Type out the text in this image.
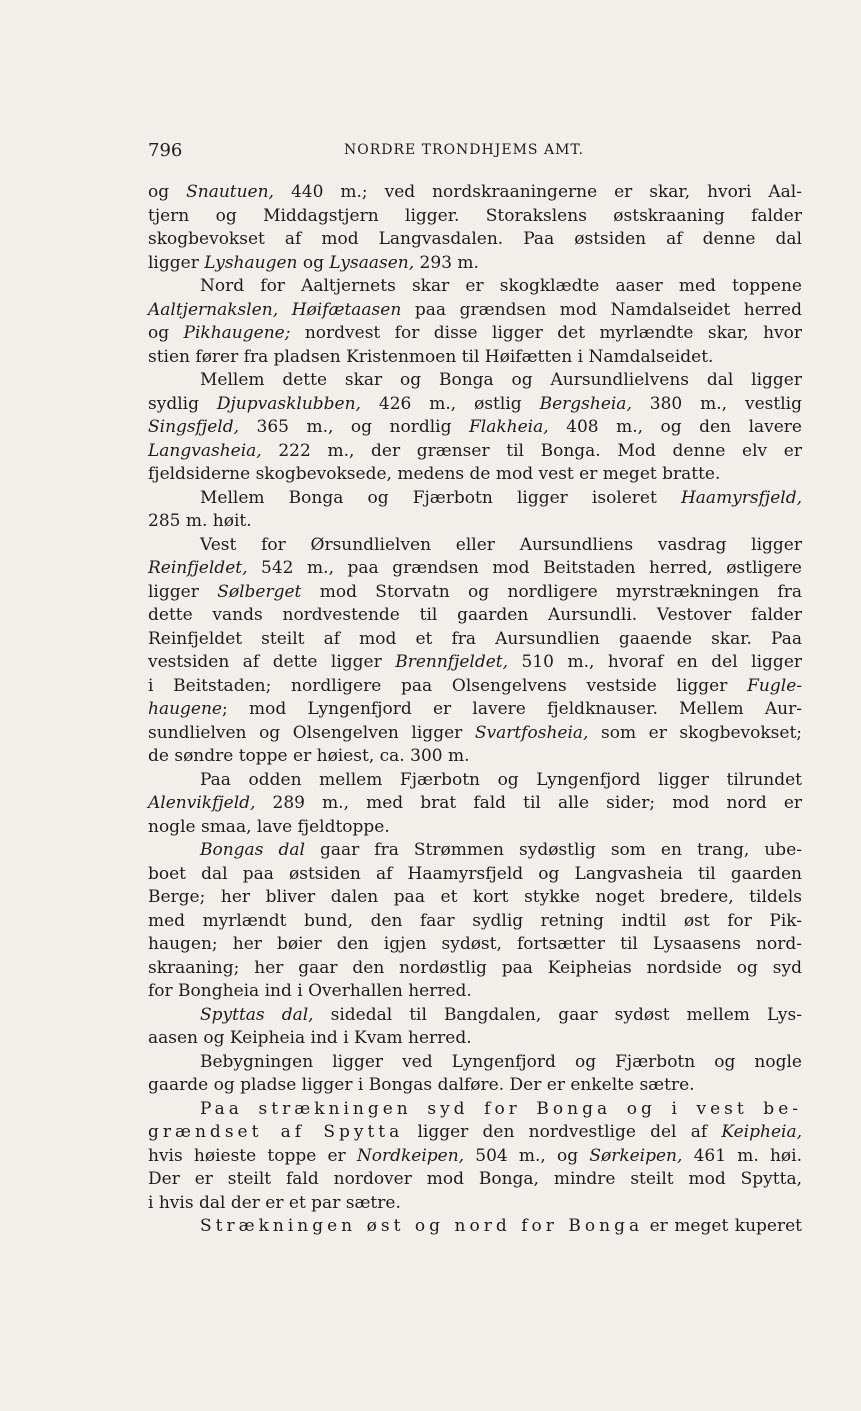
796	NORDRE TRONDHJEMS AMT.
og Snautuen, 440 m.; ved nordskraaningerne er skar, hvori Aal-
tjern og Middagstjern ligger. Storakslens østskraaning falder
skogbevokset af mod Langvasdalen. Paa østsiden af denne dal
ligger Lyshaugen og Lysaasen, 293 m.
Nord for Aaltjernets skar er skogklædte aaser med toppene
Aaltjernakslen, Høifætaasen paa grændsen mod Namdalseidet herred
og Pikhaugene; nordvest for disse ligger det myrlændte skar, hvor
stien fører fra pladsen Kristenmoen til Høifætten i Namdalseidet.
Mellem dette skar og Bonga og Aursundlielvens dal ligger
sydlig Djupvasklubben, 426 m., østlig Bergsheia, 380 m., vestlig
Singsfjeld, 365 m., og nordlig Flakheia, 408 m., og den lavere
Langvasheia, 222 m., der grænser til Bonga. Mod denne elv er
fjeldsiderne skogbevoksede, medens de mod vest er meget bratte.
Mellem Bonga og Fjærbotn ligger isoleret Haamyrsfjeld,
285 m. høit.
Vest for Ørsundlielven eller Aursundliens vasdrag ligger
Reinfjeldet, 542 m., paa grændsen mod Beitstaden herred, østligere
ligger Sølberget mod Storvatn og nordligere myrstrækningen fra
dette vands nordvestende til gaarden Aursundli. Vestover falder
Reinfjeldet steilt af mod et fra Aursundlien gaaende skar. Paa
vestsiden af dette ligger Brennfjeldet, 510 m., hvoraf en del ligger
i Beitstaden; nordligere paa Olsengelvens vestside ligger Fugle-
haugene; mod Lyngenfjord er lavere fjeldknauser. Mellem Aur-
sundlielven og Olsengelven ligger Svartfosheia, som er skogbevokset;
de søndre toppe er høiest, ca. 300 m.
Paa odden mellem Fjærbotn og Lyngenfjord ligger tilrundet
Alenvikfjeld, 289 m., med brat fald til alle sider; mod nord er
nogle smaa, lave fjeldtoppe.
Bongas dal gaar fra Strømmen sydøstlig som en trang, ube-
boet dal paa østsiden af Haamyrsfjeld og Langvasheia til gaarden
Berge; her bliver dalen paa et kort stykke noget bredere, tildels
med myrlændt bund, den faar sydlig retning indtil øst for Pik-
haugen; her bøier den igjen sydøst, fortsætter til Lysaasens nord-
skraaning; her gaar den nordøstlig paa Keipheias nordside og syd
for Bongheia ind i Overhallen herred.
Spyttas dal, sidedal til Bangdalen, gaar sydøst mellem Lys-
aasen og Keipheia ind i Kvam herred.
Bebygningen ligger ved Lyngenfjord og Fjærbotn og nogle
gaarde og pladse ligger i Bongas dalføre. Der er enkelte sætre.
Paa strækningen syd for Bonga og i vest be-
grændset af Spytta ligger den nordvestlige del af Keipheia,
hvis høieste toppe er Nordkeipen, 504 m., og Sørkeipen, 461 m. høi.
Der er steilt fald nordover mod Bonga, mindre steilt mod Spytta,
i hvis dal der er et par sætre.
Strækningen øst og nord for Bonga er meget kuperet
